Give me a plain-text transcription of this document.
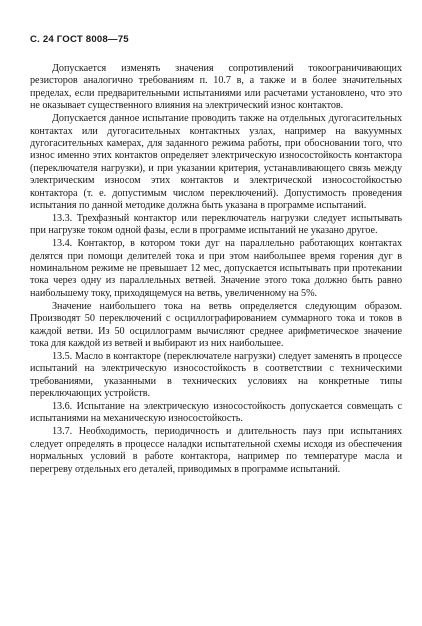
С. 24 ГОСТ 8008—75

Допускается изменять значения сопротивлений токоограничивающих резисторов аналогично требованиям п. 10.7 в, а также и в более значительных пределах, если предварительными испытаниями или расчетами установлено, что это не оказывает существенного влияния на электрический износ контактов.

Допускается данное испытание проводить также на отдельных дугогасительных контактах или дугогасительных контактных узлах, например на вакуумных дугогасительных камерах, для заданного режима работы, при обосновании того, что износ именно этих контактов определяет электрическую износостойкость контактора (переключателя нагрузки), и при указании критерия, устанавливающего связь между электрическим износом этих контактов и электрической износостойкостью контактора (т. е. допустимым числом переключений). Допустимость проведения испытания по данной методике должна быть указана в программе испытаний.

13.3. Трехфазный контактор или переключатель нагрузки следует испытывать при нагрузке током одной фазы, если в программе испытаний не указано другое.

13.4. Контактор, в котором токи дуг на параллельно работающих контактах делятся при помощи делителей тока и при этом наибольшее время горения дуг в номинальном режиме не превышает 12 мес, допускается испытывать при протекании тока через одну из параллельных ветвей. Значение этого тока должно быть равно наибольшему току, приходящемуся на ветвь, увеличенному на 5%.

Значение наибольшего тока на ветвь определяется следующим образом. Производят 50 переключений с осциллографированием суммарного тока и токов в каждой ветви. Из 50 осциллограмм вычисляют среднее арифметическое значение тока для каждой из ветвей и выбирают из них наибольшее.

13.5. Масло в контакторе (переключателе нагрузки) следует заменять в процессе испытаний на электрическую износостойкость в соответствии с техническими требованиями, указанными в технических условиях на конкретные типы переключающих устройств.

13.6. Испытание на электрическую износостойкость допускается совмещать с испытаниями на механическую износостойкость.

13.7. Необходимость, периодичность и длительность пауз при испытаниях следует определять в процессе наладки испытательной схемы исходя из обеспечения нормальных условий в работе контактора, например по температуре масла и перегреву отдельных его деталей, приводимых в программе испытаний.
